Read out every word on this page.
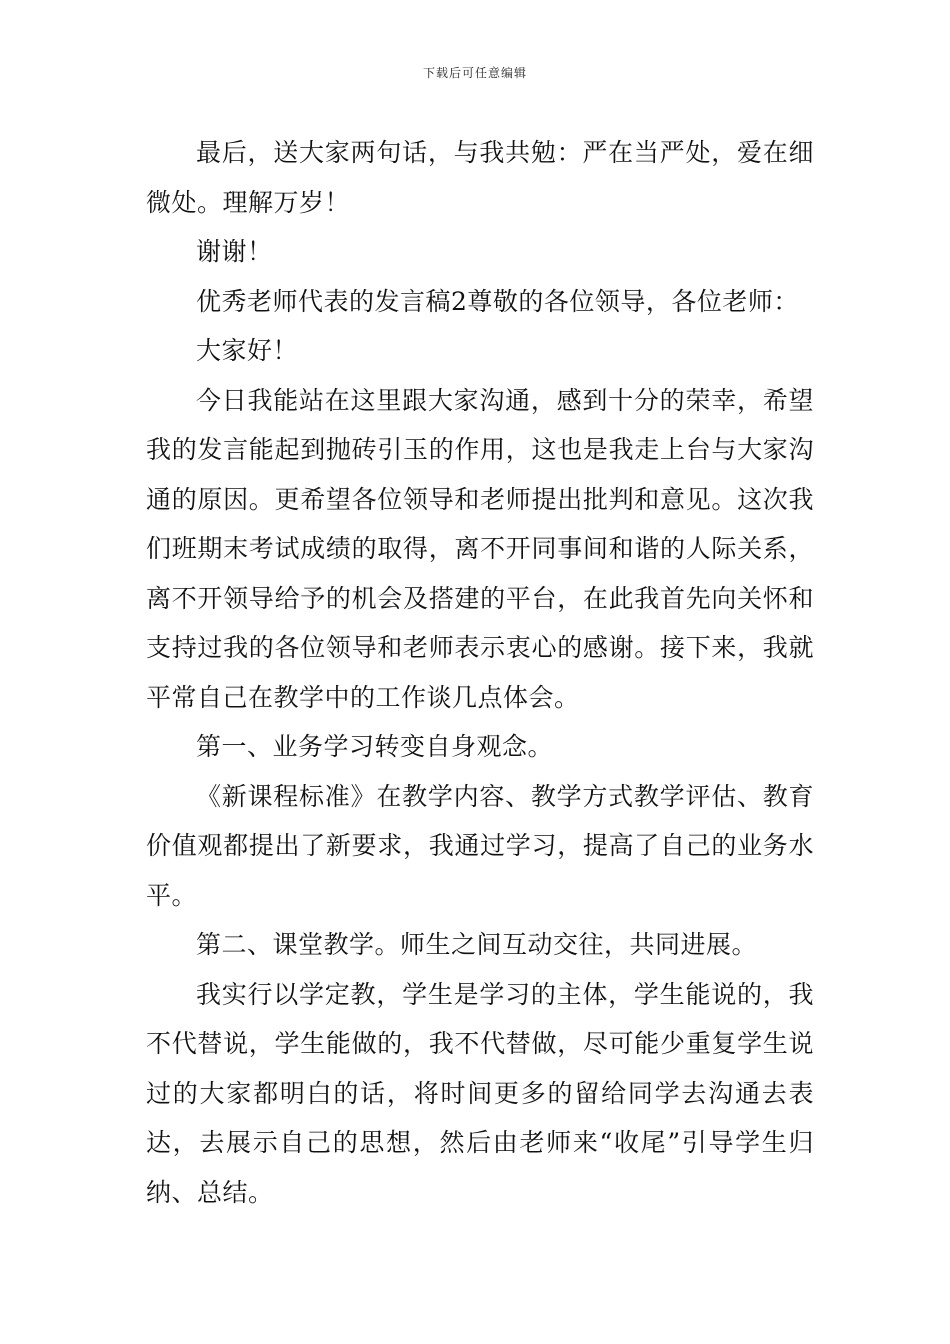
下载后可任意编辑

最后，送大家两句话，与我共勉：严在当严处，爱在细微处。理解万岁！

谢谢！

优秀老师代表的发言稿2尊敬的各位领导，各位老师：

大家好！

今日我能站在这里跟大家沟通，感到十分的荣幸，希望我的发言能起到抛砖引玉的作用，这也是我走上台与大家沟通的原因。更希望各位领导和老师提出批判和意见。这次我们班期末考试成绩的取得，离不开同事间和谐的人际关系，离不开领导给予的机会及搭建的平台，在此我首先向关怀和支持过我的各位领导和老师表示衷心的感谢。接下来，我就平常自己在教学中的工作谈几点体会。

第一、业务学习转变自身观念。

《新课程标准》在教学内容、教学方式教学评估、教育价值观都提出了新要求，我通过学习，提高了自己的业务水平。

第二、课堂教学。师生之间互动交往，共同进展。

我实行以学定教，学生是学习的主体，学生能说的，我不代替说，学生能做的，我不代替做，尽可能少重复学生说过的大家都明白的话，将时间更多的留给同学去沟通去表达，去展示自己的思想，然后由老师来“收尾”引导学生归纳、总结。
